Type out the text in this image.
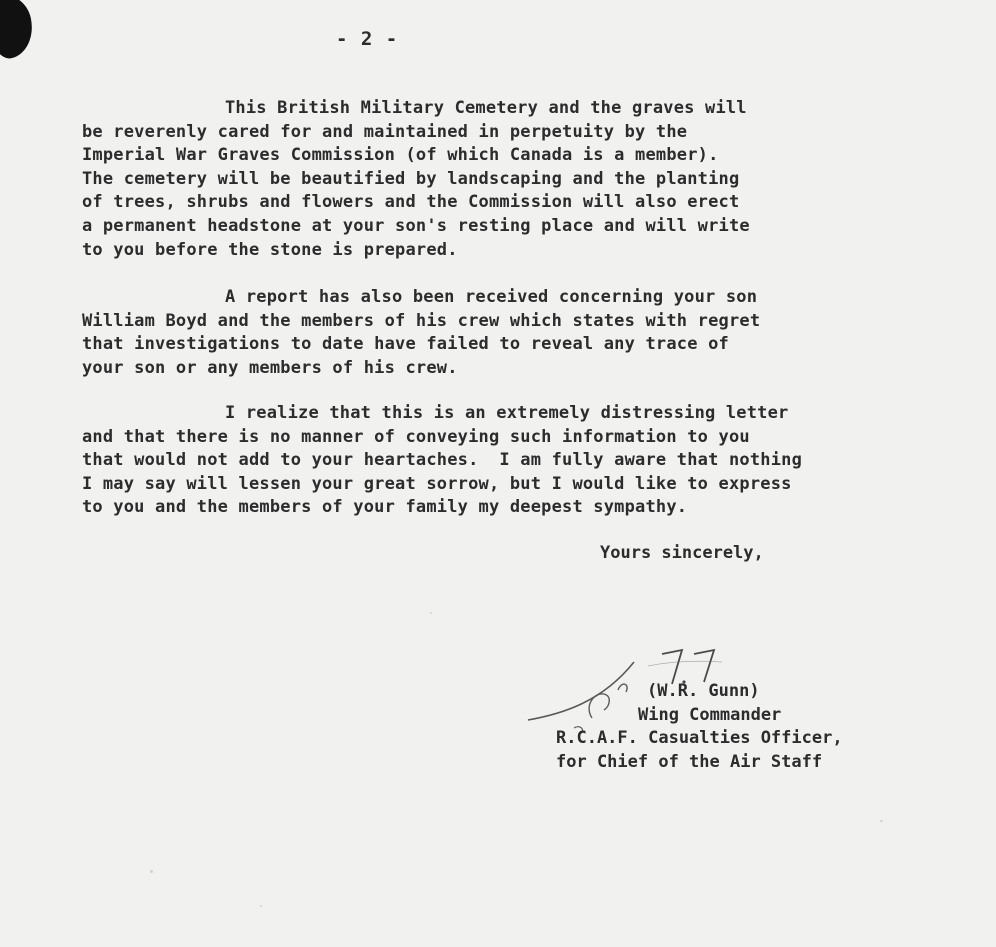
- 2 -

This British Military Cemetery and the graves will
be reverenly cared for and maintained in perpetuity by the
Imperial War Graves Commission (of which Canada is a member).
The cemetery will be beautified by landscaping and the planting
of trees, shrubs and flowers and the Commission will also erect
a permanent headstone at your son's resting place and will write
to you before the stone is prepared.

A report has also been received concerning your son
William Boyd and the members of his crew which states with regret
that investigations to date have failed to reveal any trace of
your son or any members of his crew.

I realize that this is an extremely distressing letter
and that there is no manner of conveying such information to you
that would not add to your heartaches.  I am fully aware that nothing
I may say will lessen your great sorrow, but I would like to express
to you and the members of your family my deepest sympathy.

Yours sincerely,
(W.R. Gunn)
Wing Commander
R.C.A.F. Casualties Officer,
for Chief of the Air Staff
